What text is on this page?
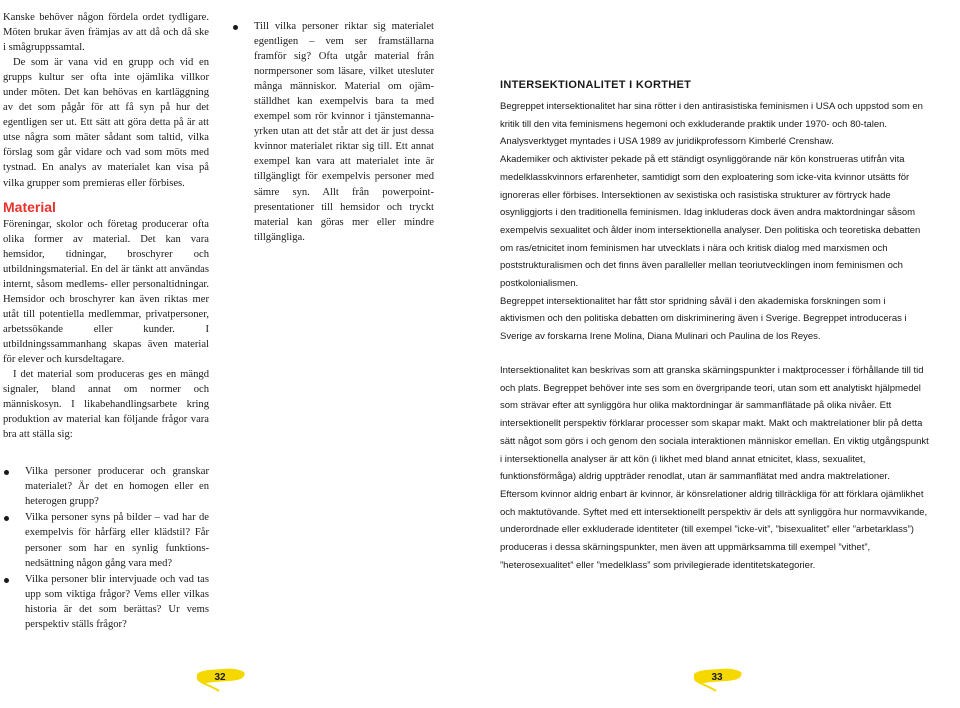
Kanske behöver någon fördela ordet tydligare. Möten brukar även främjas av att då och då ske i smågruppssamtal.

De som är vana vid en grupp och vid en grupps kultur ser ofta inte ojämlika villkor under möten. Det kan behövas en kartläggning av det som pågår för att få syn på hur det egentligen ser ut. Ett sätt att göra detta på är att utse några som mäter sådant som taltid, vilka förslag som går vidare och vad som möts med tystnad. En analys av materialet kan visa på vilka grupper som premieras eller förbises.

Material

Föreningar, skolor och företag producerar ofta olika former av material. Det kan vara hemsidor, tidningar, broschyrer och utbildningsmaterial. En del är tänkt att användas internt, såsom medlems- eller personaltidningar. Hemsidor och broschyrer kan även riktas mer utåt till potentiella medlemmar, privatpersoner, arbetssökande eller kunder. I utbildningssammanhang skapas även material för elever och kursdeltagare.

I det material som produceras ges en mängd signaler, bland annat om normer och människosyn. I likabehandlingsarbete kring produktion av material kan följande frågor vara bra att ställa sig:

Vilka personer producerar och granskar materialet? Är det en homogen eller en heterogen grupp?
Vilka personer syns på bilder – vad har de exempelvis för hårfärg eller klädstil? Får personer som har en synlig funktionsnedsättning någon gång vara med?
Vilka personer blir intervjuade och vad tas upp som viktiga frågor? Vems eller vilkas historia är det som berättas? Ur vems perspektiv ställs frågor?
Till vilka personer riktar sig materialet egentligen – vem ser framställarna framför sig? Ofta utgår material från normpersoner som läsare, vilket utesluter många människor. Material om ojämställdhet kan exempelvis bara ta med exempel som rör kvinnor i tjänstemannayrken utan att det står att det är just dessa kvinnor materialet riktar sig till. Ett annat exempel kan vara att materialet inte är tillgängligt för exempelvis personer med sämre syn. Allt från powerpoint-presentationer till hemsidor och tryckt material kan göras mer eller mindre tillgängliga.
INTERSEKTIONALITET I KORTHET

Begreppet intersektionalitet har sina rötter i den antirasistiska feminismen i USA och uppstod som en kritik till den vita feminismens hegemoni och exkluderande praktik under 1970- och 80-talen. Analysverktyget myntades i USA 1989 av juridikprofessorn Kimberlé Crenshaw.

Akademiker och aktivister pekade på ett ständigt osynliggörande när kön konstrueras utifrån vita medelklasskvinnors erfarenheter, samtidigt som den exploatering som icke-vita kvinnor utsätts för ignoreras eller förbises. Intersektionen av sexistiska och rasistiska strukturer av förtryck hade osynliggjorts i den traditionella feminismen. Idag inkluderas dock även andra maktordningar såsom exempelvis sexualitet och ålder inom intersektionella analyser. Den politiska och teoretiska debatten om ras/etnicitet inom feminismen har utvecklats i nära och kritisk dialog med marxismen och poststrukturalismen och det finns även paralleller mellan teoriutvecklingen inom feminismen och postkolonialismen.

Begreppet intersektionalitet har fått stor spridning såväl i den akademiska forskningen som i aktivismen och den politiska debatten om diskriminering även i Sverige. Begreppet introduceras i Sverige av forskarna Irene Molina, Diana Mulinari och Paulina de los Reyes.

Intersektionalitet kan beskrivas som att granska skärningspunkter i maktprocesser i förhållande till tid och plats. Begreppet behöver inte ses som en övergripande teori, utan som ett analytiskt hjälpmedel som strävar efter att synliggöra hur olika maktordningar är sammanflätade på olika nivåer. Ett intersektionellt perspektiv förklarar processer som skapar makt. Makt och maktrelationer blir på detta sätt något som görs i och genom den sociala interaktionen människor emellan. En viktig utgångspunkt i intersektionella analyser är att kön (i likhet med bland annat etnicitet, klass, sexualitet, funktionsförmåga) aldrig uppträder renodlat, utan är sammanflätat med andra maktrelationer.

Eftersom kvinnor aldrig enbart är kvinnor, är könsrelationer aldrig tillräckliga för att förklara ojämlikhet och maktutövande. Syftet med ett intersektionellt perspektiv är dels att synliggöra hur normavvikande, underordnade eller exkluderade identiteter (till exempel ”icke-vit”, ”bisexualitet” eller ”arbetarklass”) produceras i dessa skärningspunkter, men även att uppmärksamma till exempel ”vithet”, ”heterosexualitet” eller ”medelklass” som privilegierade identitetskategorier.

32	33
